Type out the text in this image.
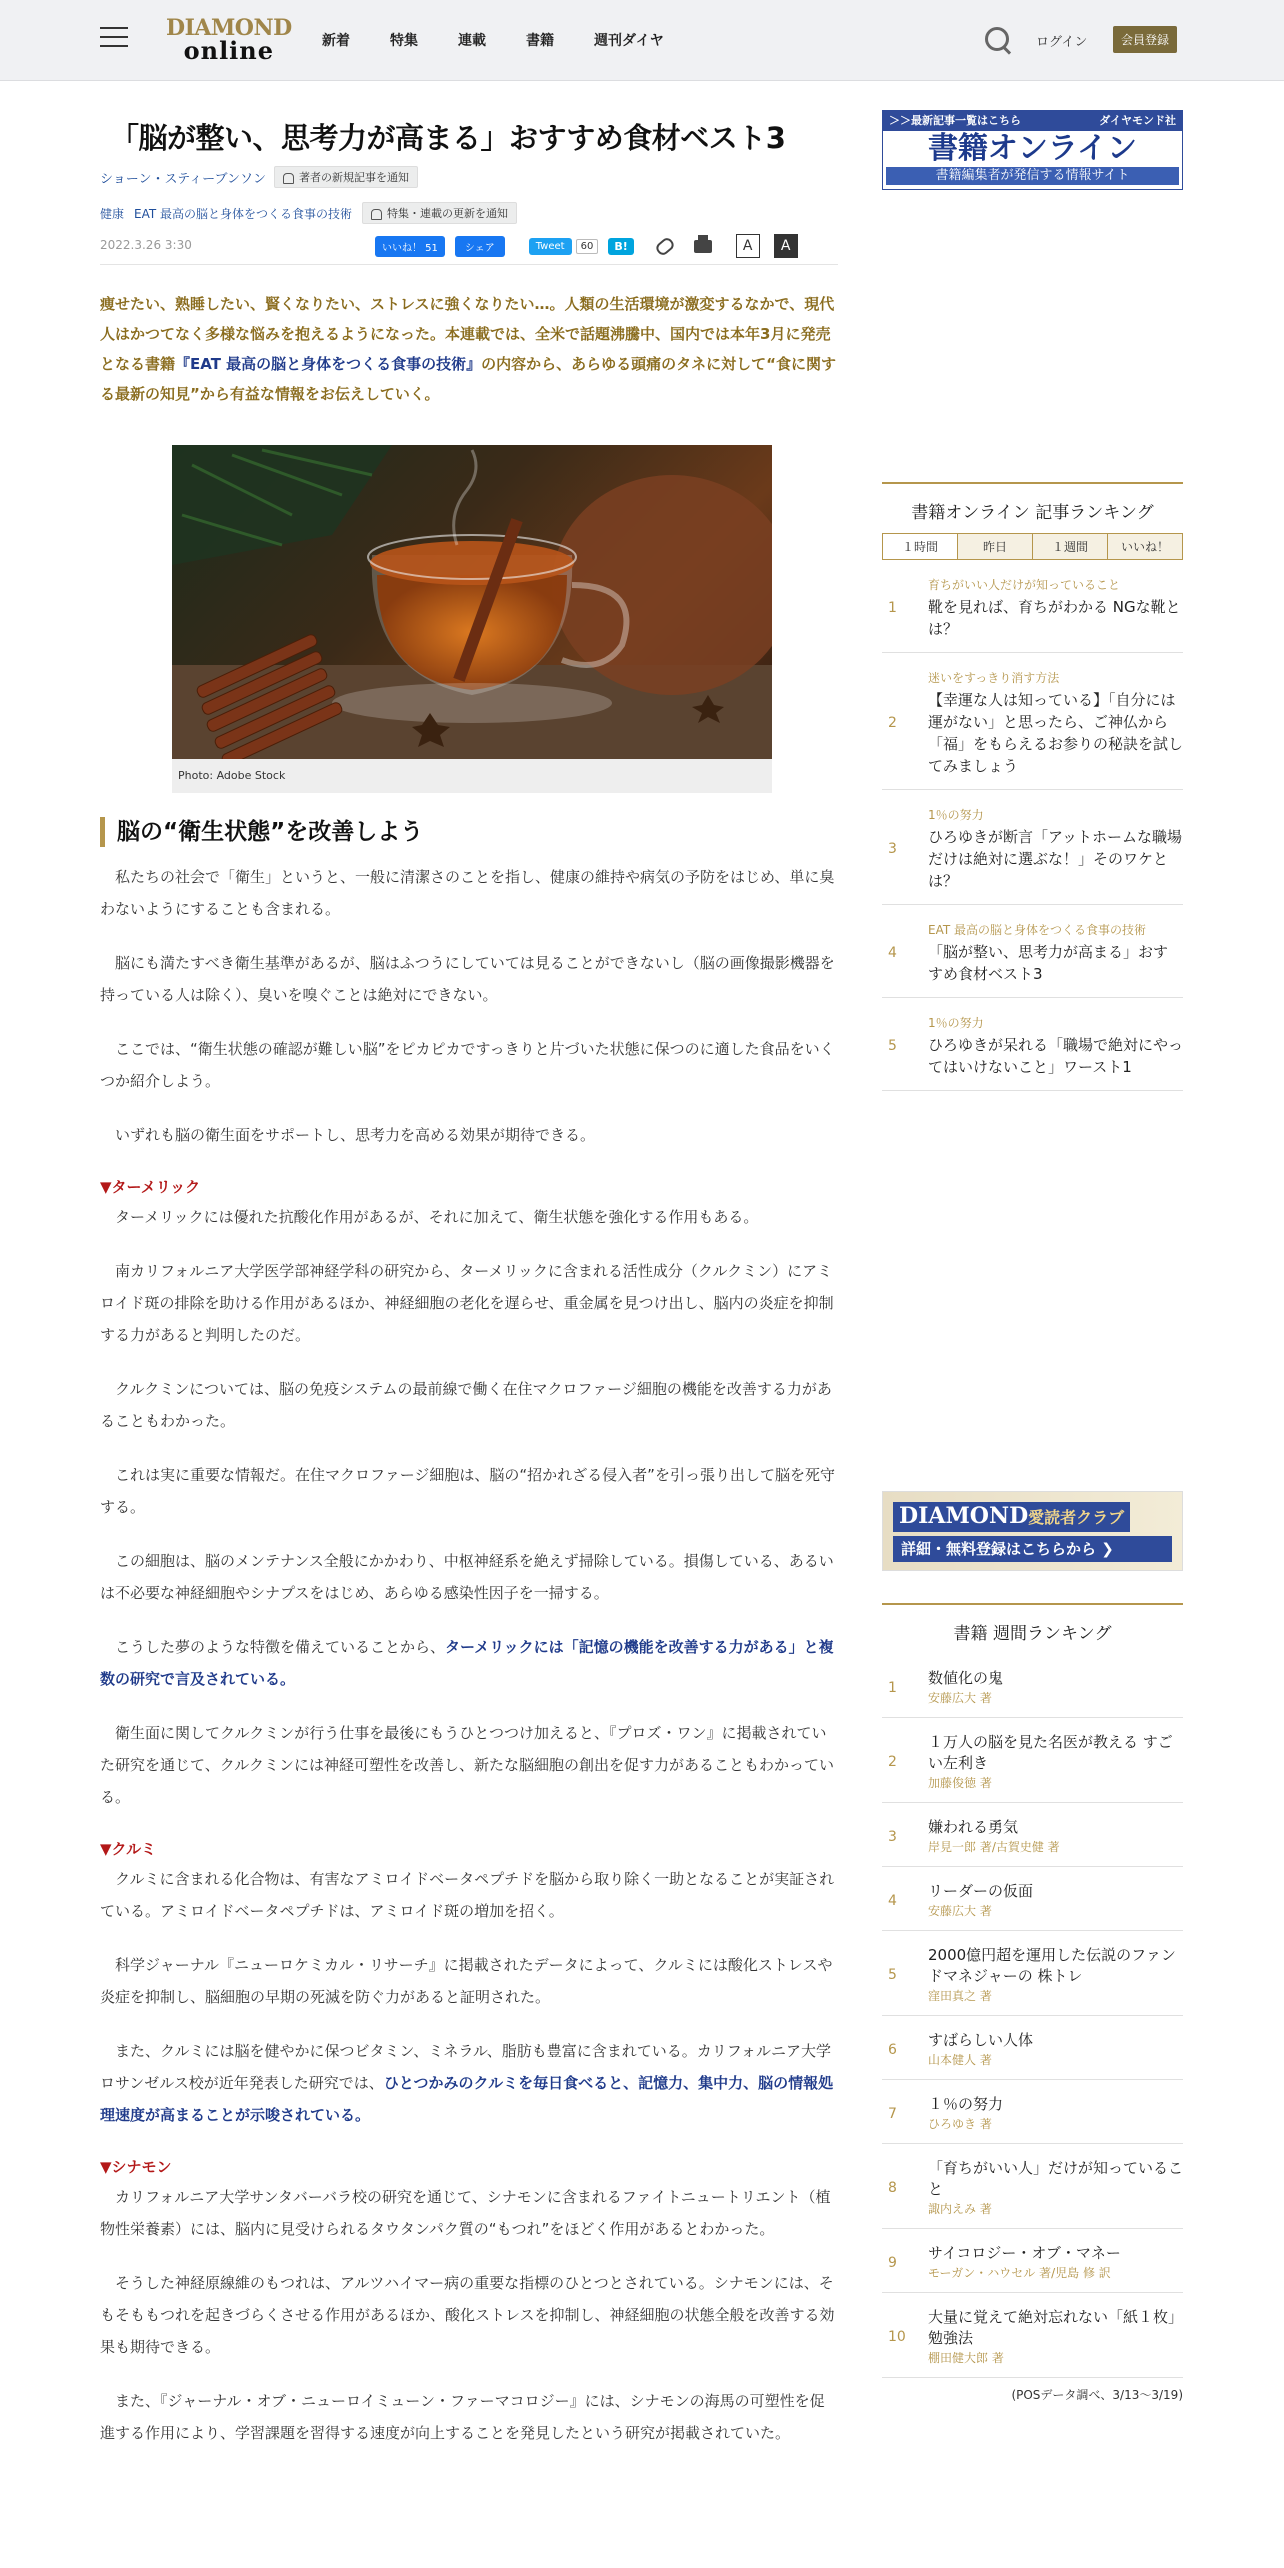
DIAMOND
online	新着	特集	連載	書籍	週刊ダイヤ	ログイン	会員登録
「脳が整い、思考力が高まる」おすすめ食材ベスト3
ショーン・スティーブンソン	著者の新規記事を通知
健康 EAT 最高の脳と身体をつくる食事の技術	特集・連載の更新を通知
2022.3.26 3:30	いいね！ 51	シェア	Tweet	60	B!	A	A

痩せたい、熟睡したい、賢くなりたい、ストレスに強くなりたい…。人類の生活環境が激変するなかで、現代人はかつてなく多様な悩みを抱えるようになった。本連載では、全米で話題沸騰中、国内では本年3月に発売となる書籍『EAT 最高の脳と身体をつくる食事の技術』の内容から、あらゆる頭痛のタネに対して“食に関する最新の知見”から有益な情報をお伝えしていく。

Photo: Adobe Stock
脳の“衛生状態”を改善しよう

私たちの社会で「衛生」というと、一般に清潔さのことを指し、健康の維持や病気の予防をはじめ、単に臭わないようにすることも含まれる。

脳にも満たすべき衛生基準があるが、脳はふつうにしていては見ることができないし（脳の画像撮影機器を持っている人は除く）、臭いを嗅ぐことは絶対にできない。

ここでは、“衛生状態の確認が難しい脳”をピカピカですっきりと片づいた状態に保つのに適した食品をいくつか紹介しよう。

いずれも脳の衛生面をサポートし、思考力を高める効果が期待できる。

▼ターメリック

ターメリックには優れた抗酸化作用があるが、それに加えて、衛生状態を強化する作用もある。

南カリフォルニア大学医学部神経学科の研究から、ターメリックに含まれる活性成分（クルクミン）にアミロイド斑の排除を助ける作用があるほか、神経細胞の老化を遅らせ、重金属を見つけ出し、脳内の炎症を抑制する力があると判明したのだ。

クルクミンについては、脳の免疫システムの最前線で働く在住マクロファージ細胞の機能を改善する力があることもわかった。

これは実に重要な情報だ。在住マクロファージ細胞は、脳の“招かれざる侵入者”を引っ張り出して脳を死守する。

この細胞は、脳のメンテナンス全般にかかわり、中枢神経系を絶えず掃除している。損傷している、あるいは不必要な神経細胞やシナプスをはじめ、あらゆる感染性因子を一掃する。

こうした夢のような特徴を備えていることから、ターメリックには「記憶の機能を改善する力がある」と複数の研究で言及されている。

衛生面に関してクルクミンが行う仕事を最後にもうひとつつけ加えると、『プロズ・ワン』に掲載されていた研究を通じて、クルクミンには神経可塑性を改善し、新たな脳細胞の創出を促す力があることもわかっている。

▼クルミ

クルミに含まれる化合物は、有害なアミロイドベータペプチドを脳から取り除く一助となることが実証されている。アミロイドベータペプチドは、アミロイド斑の増加を招く。

科学ジャーナル『ニューロケミカル・リサーチ』に掲載されたデータによって、クルミには酸化ストレスや炎症を抑制し、脳細胞の早期の死滅を防ぐ力があると証明された。

また、クルミには脳を健やかに保つビタミン、ミネラル、脂肪も豊富に含まれている。カリフォルニア大学ロサンゼルス校が近年発表した研究では、ひとつかみのクルミを毎日食べると、記憶力、集中力、脳の情報処理速度が高まることが示唆されている。

▼シナモン

カリフォルニア大学サンタバーバラ校の研究を通じて、シナモンに含まれるファイトニュートリエント（植物性栄養素）には、脳内に見受けられるタウタンパク質の“もつれ”をほどく作用があるとわかった。

そうした神経原線維のもつれは、アルツハイマー病の重要な指標のひとつとされている。シナモンには、そもそももつれを起きづらくさせる作用があるほか、酸化ストレスを抑制し、神経細胞の状態全般を改善する効果も期待できる。

また、『ジャーナル・オブ・ニューロイミューン・ファーマコロジー』には、シナモンの海馬の可塑性を促進する作用により、学習課題を習得する速度が向上することを発見したという研究が掲載されていた。

＞＞最新記事一覧はこちら	ダイヤモンド社
書籍オンライン
書籍編集者が発信する情報サイト
書籍オンライン 記事ランキング
１時間	昨日	１週間	いいね！
1
育ちがいい人だけが知っていること
靴を見れば、育ちがわかる NGな靴とは？
2
迷いをすっきり消す方法
【幸運な人は知っている】「自分には運がない」と思ったら、ご神仏から「福」をもらえるお参りの秘訣を試してみましょう
3
1％の努力
ひろゆきが断言「アットホームな職場だけは絶対に選ぶな！」そのワケとは？
4
EAT 最高の脳と身体をつくる食事の技術
「脳が整い、思考力が高まる」おすすめ食材ベスト3
5
1％の努力
ひろゆきが呆れる「職場で絶対にやってはいけないこと」ワースト1
DIAMOND愛読者クラブ
詳細・無料登録はこちらから ❯
書籍 週間ランキング
1
数値化の鬼
安藤広大 著
2
１万人の脳を見た名医が教える すごい左利き
加藤俊徳 著
3
嫌われる勇気
岸見一郎 著/古賀史健 著
4
リーダーの仮面
安藤広大 著
5
2000億円超を運用した伝説のファンドマネジャーの 株トレ
窪田真之 著
6
すばらしい人体
山本健人 著
7
１％の努力
ひろゆき 著
8
「育ちがいい人」だけが知っていること
諏内えみ 著
9
サイコロジー・オブ・マネー
モーガン・ハウセル 著/児島 修 訳
10
大量に覚えて絶対忘れない「紙１枚」勉強法
棚田健大郎 著
(POSデータ調べ、3/13～3/19)
